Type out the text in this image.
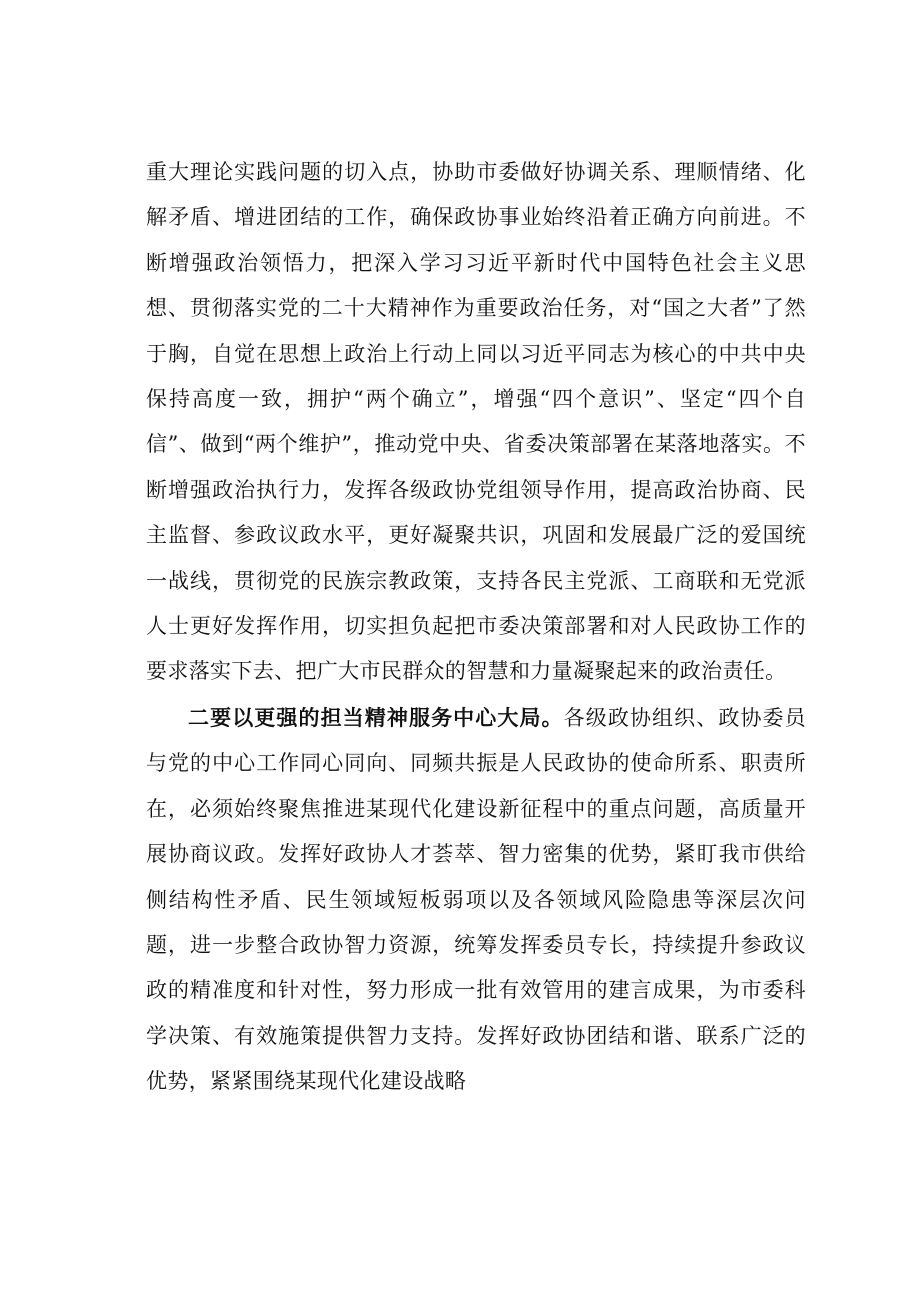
重大理论实践问题的切入点，协助市委做好协调关系、理顺情绪、化解矛盾、增进团结的工作，确保政协事业始终沿着正确方向前进。不断增强政治领悟力，把深入学习习近平新时代中国特色社会主义思想、贯彻落实党的二十大精神作为重要政治任务，对“国之大者”了然于胸，自觉在思想上政治上行动上同以习近平同志为核心的中共中央保持高度一致，拥护“两个确立”，增强“四个意识”、坚定“四个自信”、做到“两个维护”，推动党中央、省委决策部署在某落地落实。不断增强政治执行力，发挥各级政协党组领导作用，提高政治协商、民主监督、参政议政水平，更好凝聚共识，巩固和发展最广泛的爱国统一战线，贯彻党的民族宗教政策，支持各民主党派、工商联和无党派人士更好发挥作用，切实担负起把市委决策部署和对人民政协工作的要求落实下去、把广大市民群众的智慧和力量凝聚起来的政治责任。

二要以更强的担当精神服务中心大局。各级政协组织、政协委员与党的中心工作同心同向、同频共振是人民政协的使命所系、职责所在，必须始终聚焦推进某现代化建设新征程中的重点问题，高质量开展协商议政。发挥好政协人才荟萃、智力密集的优势，紧盯我市供给侧结构性矛盾、民生领域短板弱项以及各领域风险隐患等深层次问题，进一步整合政协智力资源，统筹发挥委员专长，持续提升参政议政的精准度和针对性，努力形成一批有效管用的建言成果，为市委科学决策、有效施策提供智力支持。发挥好政协团结和谐、联系广泛的优势，紧紧围绕某现代化建设战略
